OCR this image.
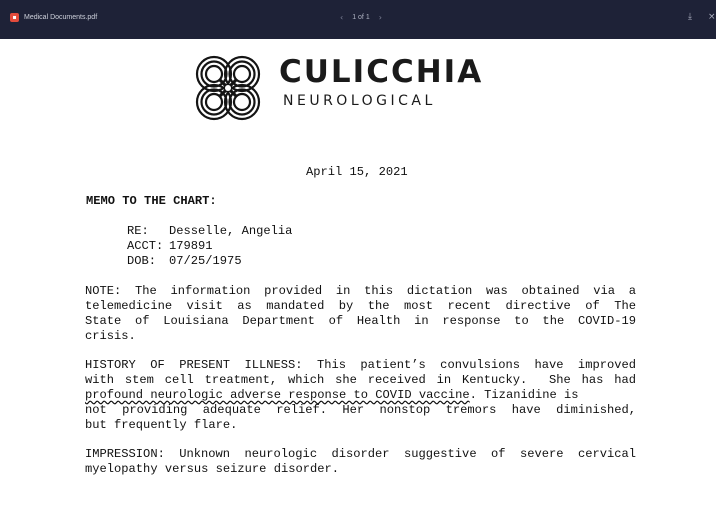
▪	Medical Documents.pdf	‹ 1 of 1 ›	⤓ ×
CULICCHIA
NEUROLOGICAL
April 15, 2021
MEMO TO THE CHART:
RE: Desselle, Angelia
ACCT: 179891
DOB: 07/25/1975
NOTE: The information provided in this dictation was obtained via a
telemedicine visit as mandated by the most recent directive of The
State of Louisiana Department of Health in response to the COVID-19
crisis.
HISTORY OF PRESENT ILLNESS: This patient’s convulsions have improved
with stem cell treatment, which she received in Kentucky.  She has had
profound neurologic adverse response to COVID vaccine. Tizanidine is
not providing adequate relief. Her nonstop tremors have diminished,
but frequently flare.
IMPRESSION: Unknown neurologic disorder suggestive of severe cervical
myelopathy versus seizure disorder.
